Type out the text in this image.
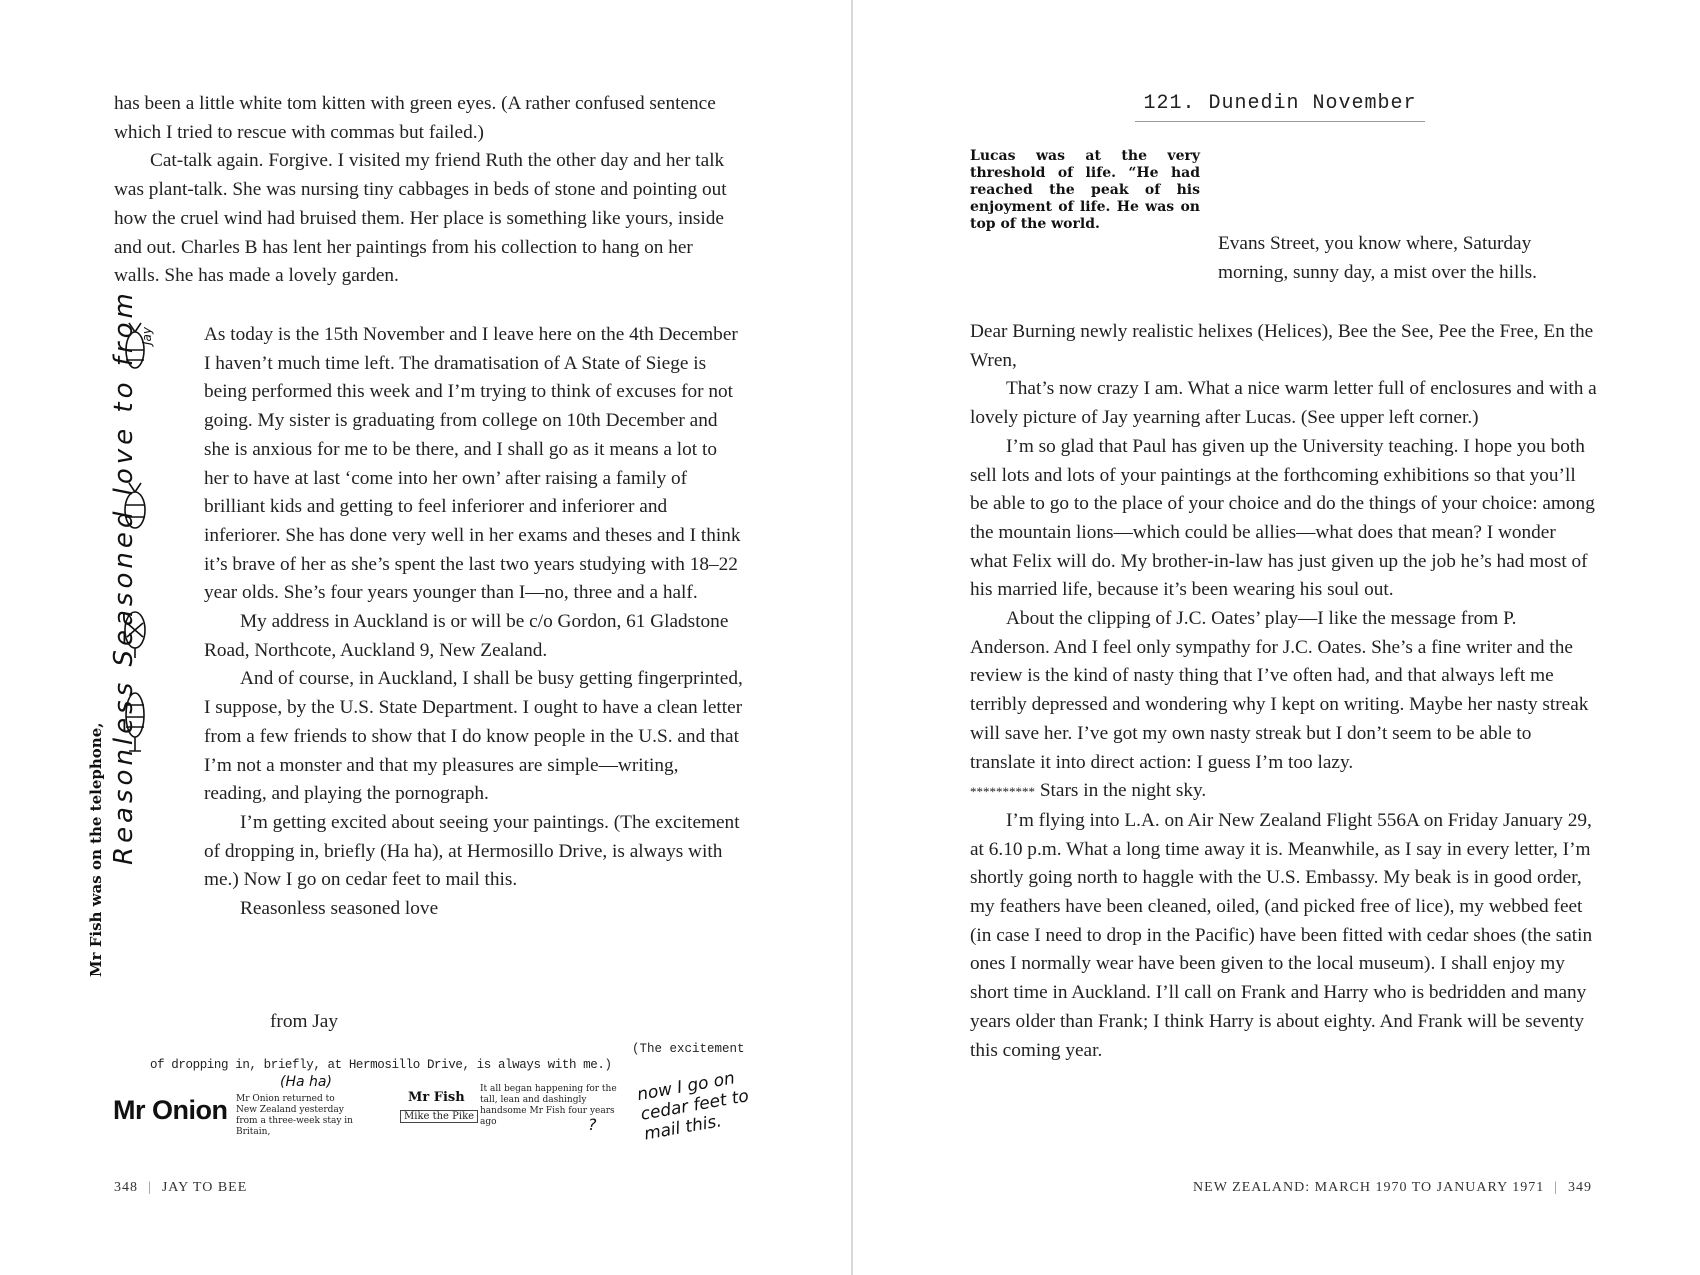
has been a little white tom kitten with green eyes. (A rather confused sentence which I tried to rescue with commas but failed.)

Cat-talk again. Forgive. I visited my friend Ruth the other day and her talk was plant-talk. She was nursing tiny cabbages in beds of stone and pointing out how the cruel wind had bruised them. Her place is something like yours, inside and out. Charles B has lent her paintings from his collection to hang on her walls. She has made a lovely garden.

Mr Fish was on the telephone, Reasonless Seasoned love to from Jay	As today is the 15th November and I leave here on the 4th December I haven’t much time left. The dramatisation of A State of Siege is being performed this week and I’m trying to think of excuses for not going. My sister is graduating from college on 10th December and she is anxious for me to be there, and I shall go as it means a lot to her to have at last ‘come into her own’ after raising a family of brilliant kids and getting to feel inferiorer and inferiorer and inferiorer. She has done very well in her exams and theses and I think it’s brave of her as she’s spent the last two years studying with 18–22 year olds. She’s four years younger than I—no, three and a half.

My address in Auckland is or will be c/o Gordon, 61 Gladstone Road, Northcote, Auckland 9, New Zealand.

And of course, in Auckland, I shall be busy getting fingerprinted, I suppose, by the U.S. State Department. I ought to have a clean letter from a few friends to show that I do know people in the U.S. and that I’m not a monster and that my pleasures are simple—writing, reading, and playing the pornograph.

I’m getting excited about seeing your paintings. (The excitement of dropping in, briefly (Ha ha), at Hermosillo Drive, is always with me.) Now I go on cedar feet to mail this.

Reasonless seasoned love

from Jay
(The excitement
of dropping in, briefly, at Hermosillo Drive, is always with me.)
(Ha ha)
Mr Onion Mr Onion returned to New Zealand yesterday from a three-week stay in Britain,
Mr Fish
Mike the Pike
It all began happening for the tall, lean and dashingly handsome Mr Fish four years ago
now I go on cedar feet to mail this.
?
348 | JAY TO BEE
121. Dunedin November
Lucas was at the very threshold of life. “He had reached the peak of his enjoyment of life. He was on top of the world.
Evans Street, you know where, Saturday morning, sunny day, a mist over the hills.

Dear Burning newly realistic helixes (Helices), Bee the See, Pee the Free, En the Wren,

That’s now crazy I am. What a nice warm letter full of enclosures and with a lovely picture of Jay yearning after Lucas. (See upper left corner.)

I’m so glad that Paul has given up the University teaching. I hope you both sell lots and lots of your paintings at the forthcoming exhibitions so that you’ll be able to go to the place of your choice and do the things of your choice: among the mountain lions—which could be allies—what does that mean? I wonder what Felix will do. My brother-in-law has just given up the job he’s had most of his married life, because it’s been wearing his soul out.

About the clipping of J.C. Oates’ play—I like the message from P. Anderson. And I feel only sympathy for J.C. Oates. She’s a fine writer and the review is the kind of nasty thing that I’ve often had, and that always left me terribly depressed and wondering why I kept on writing. Maybe her nasty streak will save her. I’ve got my own nasty streak but I don’t seem to be able to translate it into direct action: I guess I’m too lazy.

********** Stars in the night sky.

I’m flying into L.A. on Air New Zealand Flight 556A on Friday January 29, at 6.10 p.m. What a long time away it is. Meanwhile, as I say in every letter, I’m shortly going north to haggle with the U.S. Embassy. My beak is in good order, my feathers have been cleaned, oiled, (and picked free of lice), my webbed feet (in case I need to drop in the Pacific) have been fitted with cedar shoes (the satin ones I normally wear have been given to the local museum). I shall enjoy my short time in Auckland. I’ll call on Frank and Harry who is bedridden and many years older than Frank; I think Harry is about eighty. And Frank will be seventy this coming year.

NEW ZEALAND: MARCH 1970 TO JANUARY 1971 | 349
